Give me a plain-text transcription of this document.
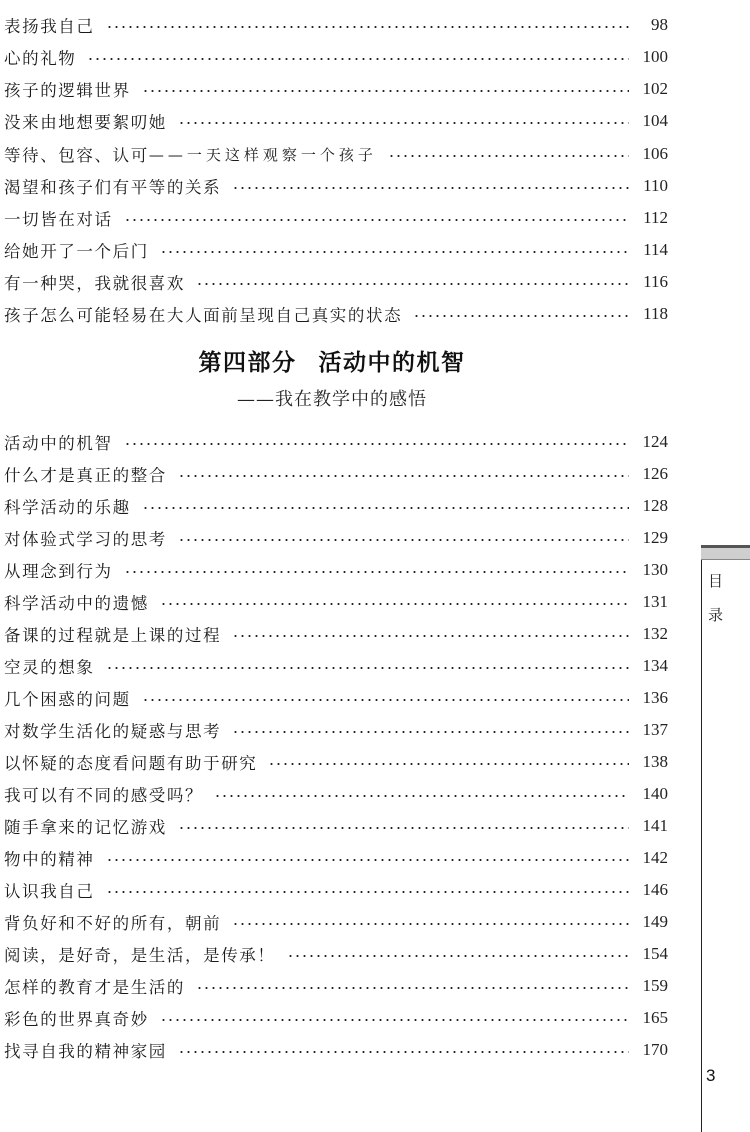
表扬我自己	98
心的礼物	100
孩子的逻辑世界	102
没来由地想要絮叨她	104
等待、包容、认可 ——一天这样观察一个孩子	106
渴望和孩子们有平等的关系	110
一切皆在对话	112
给她开了一个后门	114
有一种哭，我就很喜欢	116
孩子怎么可能轻易在大人面前呈现自己真实的状态	118
第四部分 活动中的机智
——我在教学中的感悟
活动中的机智	124
什么才是真正的整合	126
科学活动的乐趣	128
对体验式学习的思考	129
从理念到行为	130
科学活动中的遗憾	131
备课的过程就是上课的过程	132
空灵的想象	134
几个困惑的问题	136
对数学生活化的疑惑与思考	137
以怀疑的态度看问题有助于研究	138
我可以有不同的感受吗？	140
随手拿来的记忆游戏	141
物中的精神	142
认识我自己	146
背负好和不好的所有，朝前	149
阅读，是好奇，是生活，是传承！	154
怎样的教育才是生活的	159
彩色的世界真奇妙	165
找寻自我的精神家园	170
目
录
3
